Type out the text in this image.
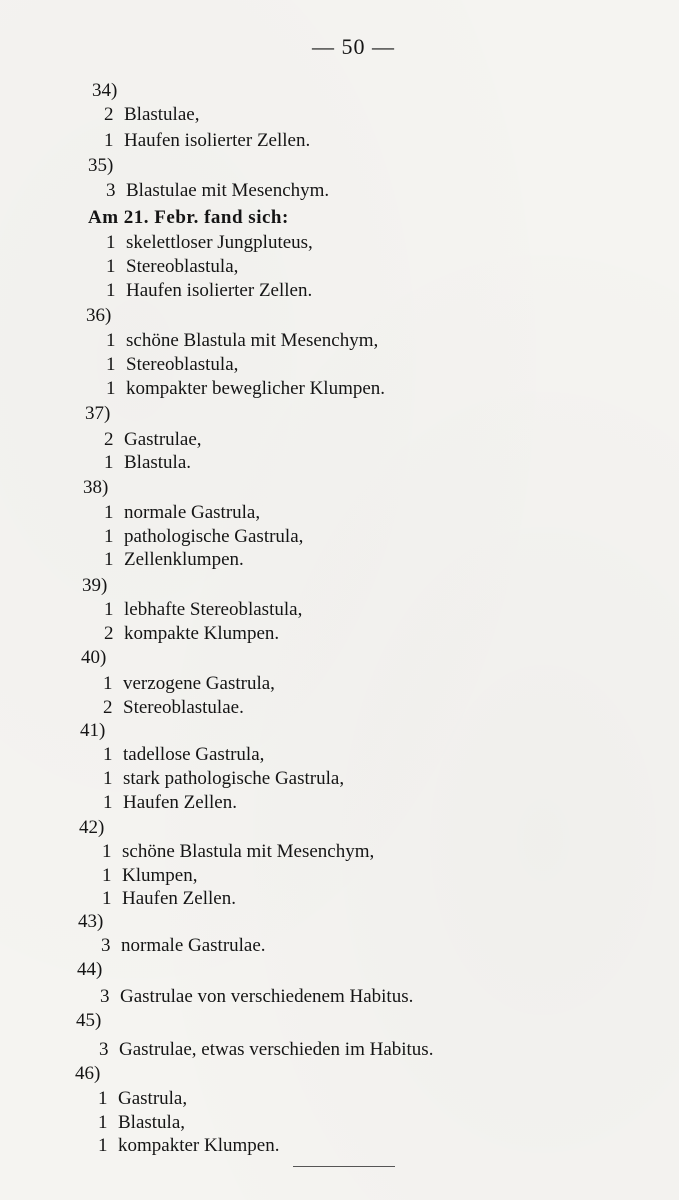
— 50 —
34)
2 Blastulae,
1 Haufen isolierter Zellen.
35)
3 Blastulae mit Mesenchym.
Am 21. Febr. fand sich:
1 skelettloser Jungpluteus,
1 Stereoblastula,
1 Haufen isolierter Zellen.
36)
1 schöne Blastula mit Mesenchym,
1 Stereoblastula,
1 kompakter beweglicher Klumpen.
37)
2 Gastrulae,
1 Blastula.
38)
1 normale Gastrula,
1 pathologische Gastrula,
1 Zellenklumpen.
39)
1 lebhafte Stereoblastula,
2 kompakte Klumpen.
40)
1 verzogene Gastrula,
2 Stereoblastulae.
41)
1 tadellose Gastrula,
1 stark pathologische Gastrula,
1 Haufen Zellen.
42)
1 schöne Blastula mit Mesenchym,
1 Klumpen,
1 Haufen Zellen.
43)
3 normale Gastrulae.
44)
3 Gastrulae von verschiedenem Habitus.
45)
3 Gastrulae, etwas verschieden im Habitus.
46)
1 Gastrula,
1 Blastula,
1 kompakter Klumpen.
